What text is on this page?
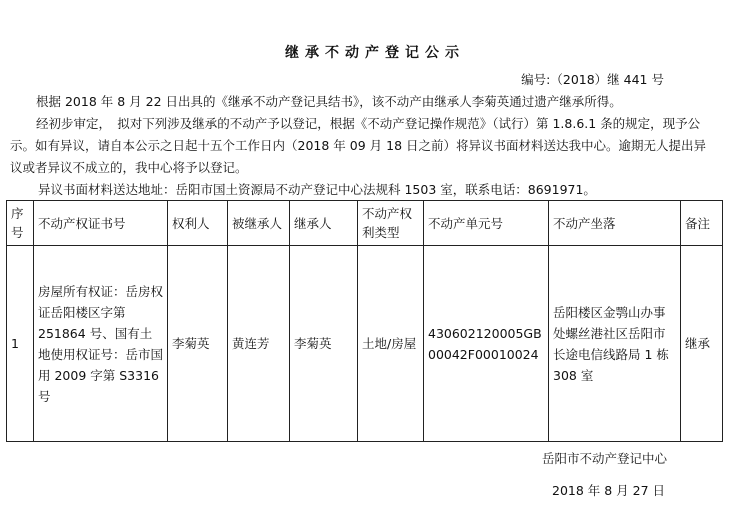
继承不动产登记公示
编号:（2018）继 441 号
根据 2018 年 8 月 22 日出具的《继承不动产登记具结书》，该不动产由继承人李菊英通过遗产继承所得。
经初步审定，　拟对下列涉及继承的不动产予以登记，根据《不动产登记操作规范》（试行）第 1.8.6.1 条的规定，现予公示。如有异议，请自本公示之日起十五个工作日内（2018 年 09 月 18 日之前）将异议书面材料送达我中心。逾期无人提出异议或者异议不成立的，我中心将予以登记。
异议书面材料送达地址：岳阳市国土资源局不动产登记中心法规科 1503 室，联系电话：8691971。
序号	不动产权证书号	权利人	被继承人	继承人	不动产权利类型	不动产单元号	不动产坐落	备注
1	房屋所有权证：岳房权证岳阳楼区字第 251864 号、国有土地使用权证号：岳市国用 2009 字第 S3316 号	李菊英	黄连芳	李菊英	土地/房屋	430602120005GB00042F00010024	岳阳楼区金鹗山办事处螺丝港社区岳阳市长途电信线路局 1 栋 308 室	继承
岳阳市不动产登记中心
2018 年 8 月 27 日
